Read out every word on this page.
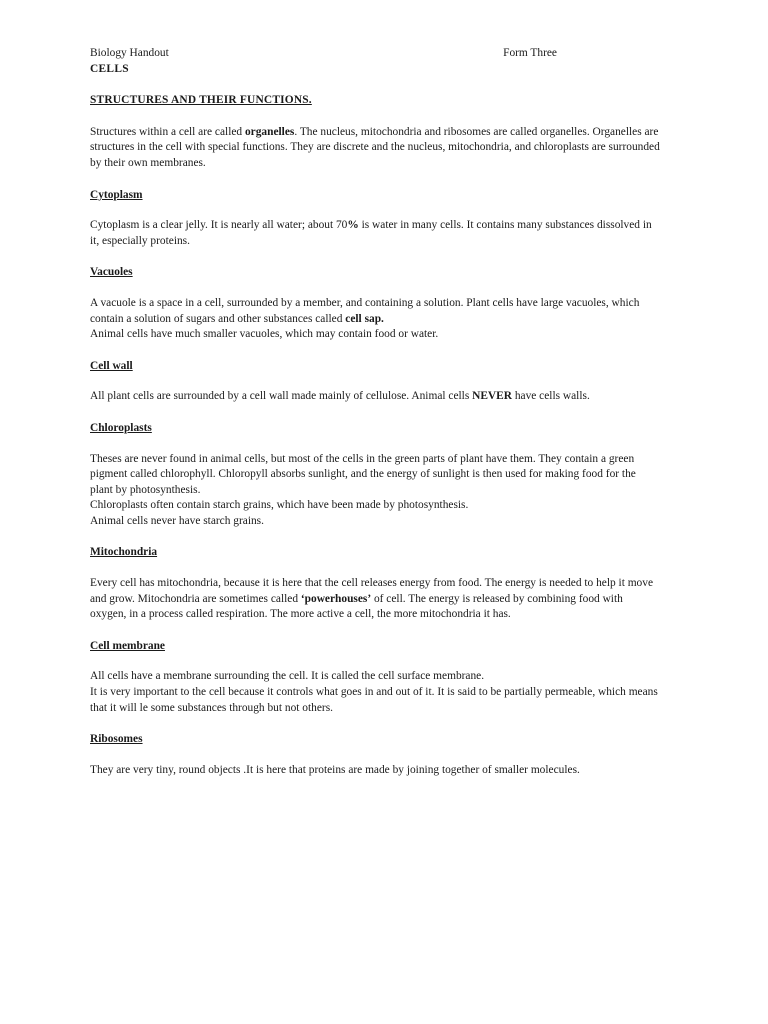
Biology Handout	Form Three
CELLS
STRUCTURES AND THEIR FUNCTIONS.

Structures within a cell are called organelles. The nucleus, mitochondria and ribosomes are called organelles. Organelles are structures in the cell with special functions. They are discrete and the nucleus, mitochondria, and chloroplasts are surrounded by their own membranes.

Cytoplasm

Cytoplasm is a clear jelly. It is nearly all water; about 70% is water in many cells. It contains many substances dissolved in it, especially proteins.

Vacuoles

A vacuole is a space in a cell, surrounded by a member, and containing a solution. Plant cells have large vacuoles, which contain a solution of sugars and other substances called cell sap.

Animal cells have much smaller vacuoles, which may contain food or water.

Cell wall

All plant cells are surrounded by a cell wall made mainly of cellulose. Animal cells NEVER have cells walls.

Chloroplasts

Theses are never found in animal cells, but most of the cells in the green parts of plant have them. They contain a green pigment called chlorophyll. Chloropyll absorbs sunlight, and the energy of sunlight is then used for making food for the plant by photosynthesis.

Chloroplasts often contain starch grains, which have been made by photosynthesis.

Animal cells never have starch grains.

Mitochondria

Every cell has mitochondria, because it is here that the cell releases energy from food. The energy is needed to help it move and grow. Mitochondria are sometimes called ‘powerhouses’ of cell. The energy is released by combining food with oxygen, in a process called respiration. The more active a cell, the more mitochondria it has.

Cell membrane

All cells have a membrane surrounding the cell. It is called the cell surface membrane.

It is very important to the cell because it controls what goes in and out of it. It is said to be partially permeable, which means that it will le some substances through but not others.

Ribosomes

They are very tiny, round objects .It is here that proteins are made by joining together of smaller molecules.
